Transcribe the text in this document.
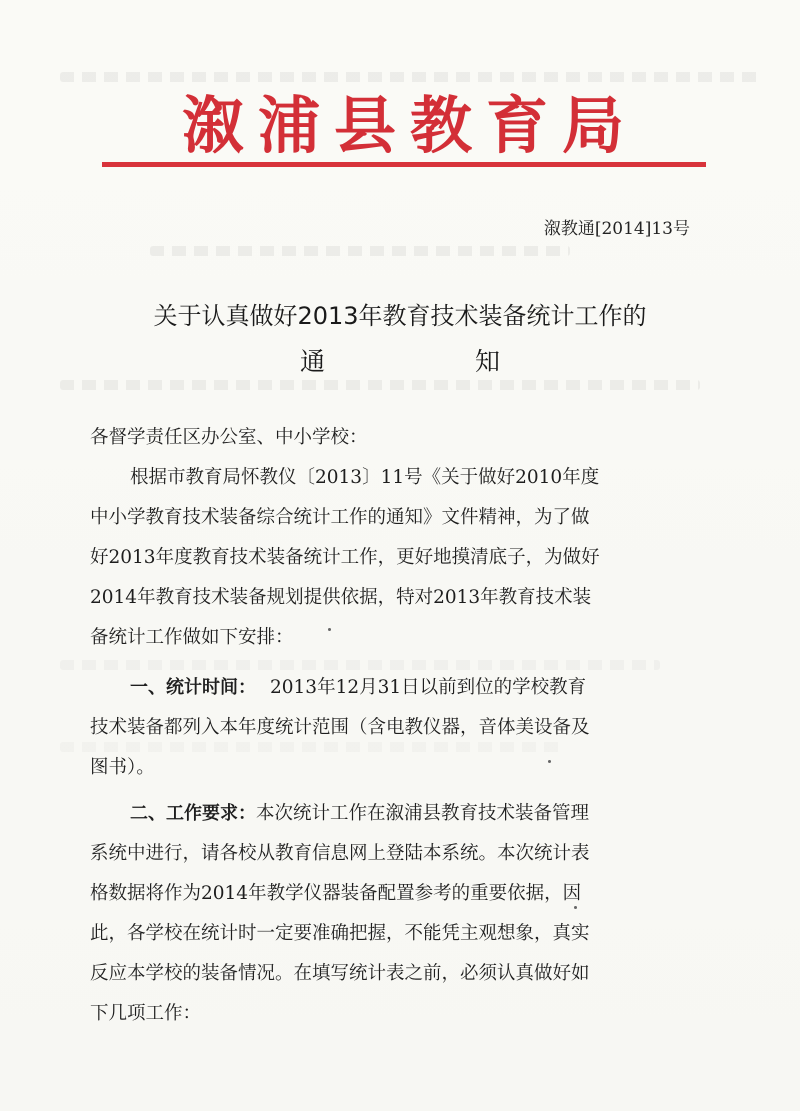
溆浦县教育局
溆教通[2014]13号
关于认真做好2013年教育技术装备统计工作的
通	知
各督学责任区办公室、中小学校：
根据市教育局怀教仪〔2013〕11号《关于做好2010年度
中小学教育技术装备综合统计工作的通知》文件精神，为了做
好2013年度教育技术装备统计工作，更好地摸清底子，为做好
2014年教育技术装备规划提供依据，特对2013年教育技术装
备统计工作做如下安排：
一、统计时间： 2013年12月31日以前到位的学校教育
技术装备都列入本年度统计范围（含电教仪器，音体美设备及
图书）。
二、工作要求：本次统计工作在溆浦县教育技术装备管理
系统中进行，请各校从教育信息网上登陆本系统。本次统计表
格数据将作为2014年教学仪器装备配置参考的重要依据，因
此，各学校在统计时一定要准确把握，不能凭主观想象，真实
反应本学校的装备情况。在填写统计表之前，必须认真做好如
下几项工作：
